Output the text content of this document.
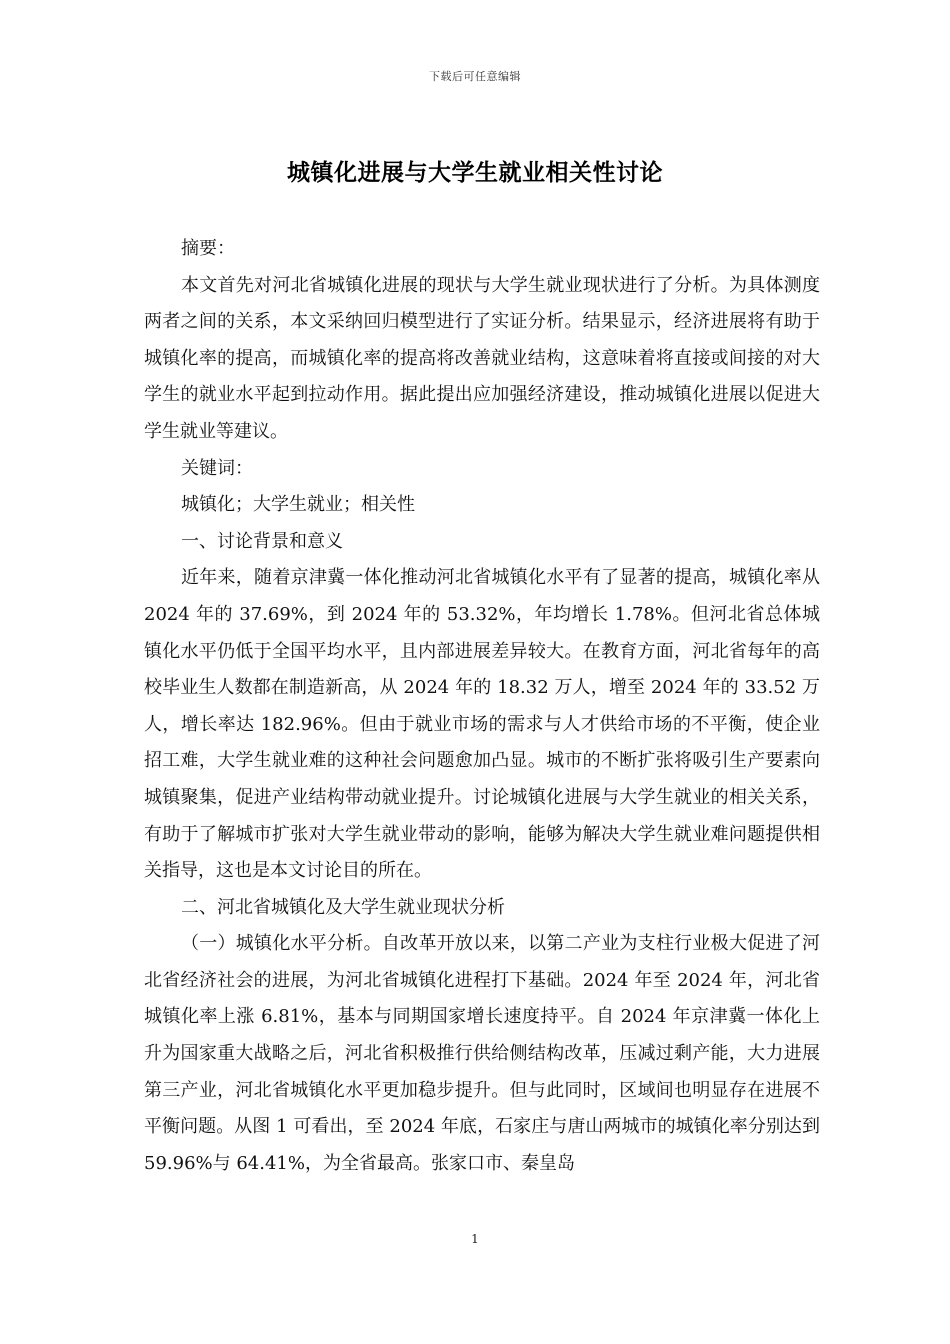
下载后可任意编辑
城镇化进展与大学生就业相关性讨论

摘要：

本文首先对河北省城镇化进展的现状与大学生就业现状进行了分析。为具体测度两者之间的关系，本文采纳回归模型进行了实证分析。结果显示，经济进展将有助于城镇化率的提高，而城镇化率的提高将改善就业结构，这意味着将直接或间接的对大学生的就业水平起到拉动作用。据此提出应加强经济建设，推动城镇化进展以促进大学生就业等建议。

关键词：

城镇化；大学生就业；相关性

一、讨论背景和意义

近年来，随着京津冀一体化推动河北省城镇化水平有了显著的提高，城镇化率从 2024 年的 37.69%，到 2024 年的 53.32%，年均增长 1.78%。但河北省总体城镇化水平仍低于全国平均水平，且内部进展差异较大。在教育方面，河北省每年的高校毕业生人数都在制造新高，从 2024 年的 18.32 万人，增至 2024 年的 33.52 万人，增长率达 182.96%。但由于就业市场的需求与人才供给市场的不平衡，使企业招工难，大学生就业难的这种社会问题愈加凸显。城市的不断扩张将吸引生产要素向城镇聚集，促进产业结构带动就业提升。讨论城镇化进展与大学生就业的相关关系，有助于了解城市扩张对大学生就业带动的影响，能够为解决大学生就业难问题提供相关指导，这也是本文讨论目的所在。

二、河北省城镇化及大学生就业现状分析

（一）城镇化水平分析。自改革开放以来，以第二产业为支柱行业极大促进了河北省经济社会的进展，为河北省城镇化进程打下基础。2024 年至 2024 年，河北省城镇化率上涨 6.81%，基本与同期国家增长速度持平。自 2024 年京津冀一体化上升为国家重大战略之后，河北省积极推行供给侧结构改革，压减过剩产能，大力进展第三产业，河北省城镇化水平更加稳步提升。但与此同时，区域间也明显存在进展不平衡问题。从图 1 可看出，至 2024 年底，石家庄与唐山两城市的城镇化率分别达到 59.96%与 64.41%，为全省最高。张家口市、秦皇岛

1
